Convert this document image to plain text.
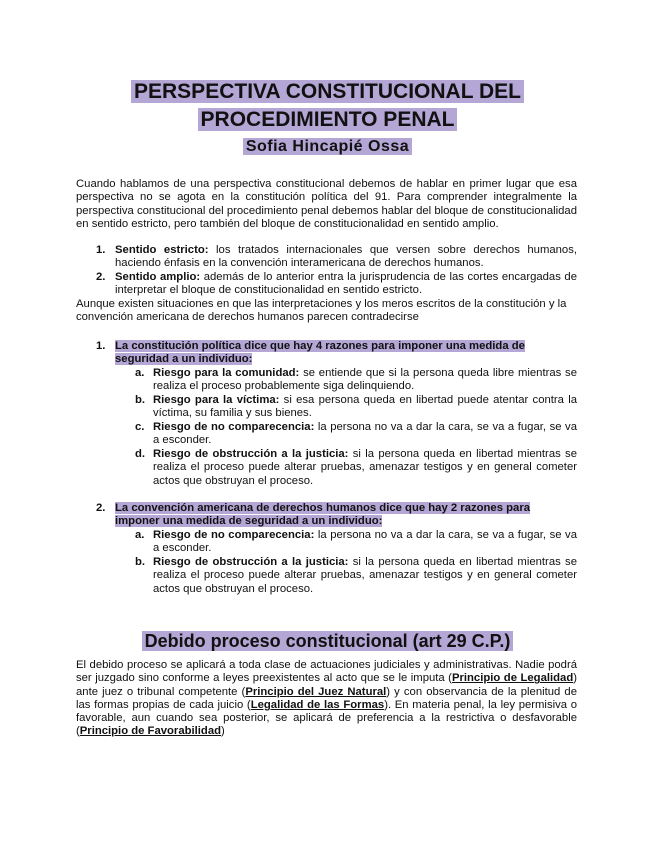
PERSPECTIVA CONSTITUCIONAL DEL
PROCEDIMIENTO PENAL
Sofia Hincapié Ossa
Cuando hablamos de una perspectiva constitucional debemos de hablar en primer lugar que esa perspectiva no se agota en la constitución política del 91. Para comprender integralmente la perspectiva constitucional del procedimiento penal debemos hablar del bloque de constitucionalidad en sentido estricto, pero también del bloque de constitucionalidad en sentido amplio.
1. Sentido estricto: los tratados internacionales que versen sobre derechos humanos, haciendo énfasis en la convención interamericana de derechos humanos.
2. Sentido amplio: además de lo anterior entra la jurisprudencia de las cortes encargadas de interpretar el bloque de constitucionalidad en sentido estricto.
Aunque existen situaciones en que las interpretaciones y los meros escritos de la constitución y la convención americana de derechos humanos parecen contradecirse
1. La constitución política dice que hay 4 razones para imponer una medida de
seguridad a un individuo:
a. Riesgo para la comunidad: se entiende que si la persona queda libre mientras se realiza el proceso probablemente siga delinquiendo.
b. Riesgo para la víctima: si esa persona queda en libertad puede atentar contra la víctima, su familia y sus bienes.
c. Riesgo de no comparecencia: la persona no va a dar la cara, se va a fugar, se va a esconder.
d. Riesgo de obstrucción a la justicia: si la persona queda en libertad mientras se realiza el proceso puede alterar pruebas, amenazar testigos y en general cometer actos que obstruyan el proceso.
2. La convención americana de derechos humanos dice que hay 2 razones para
imponer una medida de seguridad a un individuo:
a. Riesgo de no comparecencia: la persona no va a dar la cara, se va a fugar, se va a esconder.
b. Riesgo de obstrucción a la justicia: si la persona queda en libertad mientras se realiza el proceso puede alterar pruebas, amenazar testigos y en general cometer actos que obstruyan el proceso.
Debido proceso constitucional (art 29 C.P.)
El debido proceso se aplicará a toda clase de actuaciones judiciales y administrativas. Nadie podrá ser juzgado sino conforme a leyes preexistentes al acto que se le imputa (Principio de Legalidad) ante juez o tribunal competente (Principio del Juez Natural) y con observancia de la plenitud de las formas propias de cada juicio (Legalidad de las Formas). En materia penal, la ley permisiva o favorable, aun cuando sea posterior, se aplicará de preferencia a la restrictiva o desfavorable (Principio de Favorabilidad)
